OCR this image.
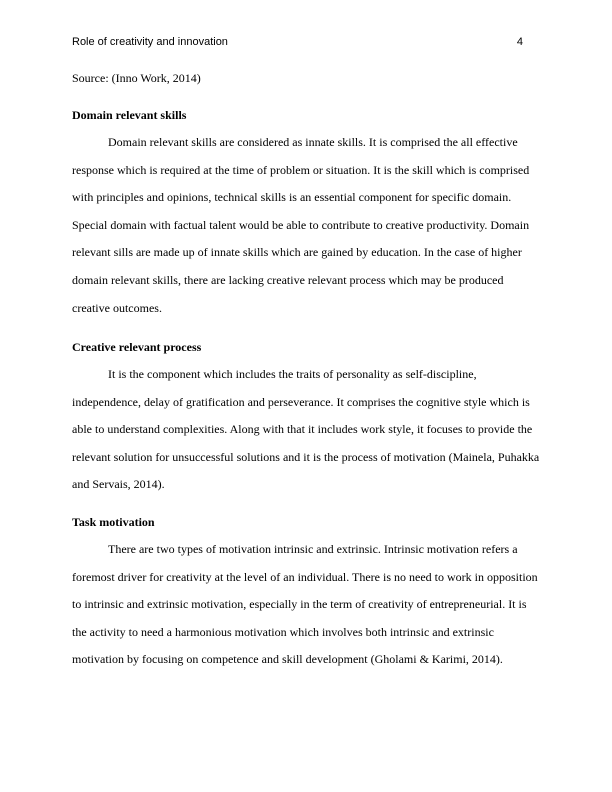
Role of creativity and innovation	4
Source: (Inno Work, 2014)
Domain relevant skills
Domain relevant skills are considered as innate skills. It is comprised the all effective
response which is required at the time of problem or situation. It is the skill which is comprised
with principles and opinions, technical skills is an essential component for specific domain.
Special domain with factual talent would be able to contribute to creative productivity. Domain
relevant sills are made up of innate skills which are gained by education. In the case of higher
domain relevant skills, there are lacking creative relevant process which may be produced
creative outcomes.
Creative relevant process
It is the component which includes the traits of personality as self-discipline,
independence, delay of gratification and perseverance. It comprises the cognitive style which is
able to understand complexities. Along with that it includes work style, it focuses to provide the
relevant solution for unsuccessful solutions and it is the process of motivation (Mainela, Puhakka
and Servais, 2014).
Task motivation
There are two types of motivation intrinsic and extrinsic. Intrinsic motivation refers a
foremost driver for creativity at the level of an individual. There is no need to work in opposition
to intrinsic and extrinsic motivation, especially in the term of creativity of entrepreneurial. It is
the activity to need a harmonious motivation which involves both intrinsic and extrinsic
motivation by focusing on competence and skill development (Gholami & Karimi, 2014).
